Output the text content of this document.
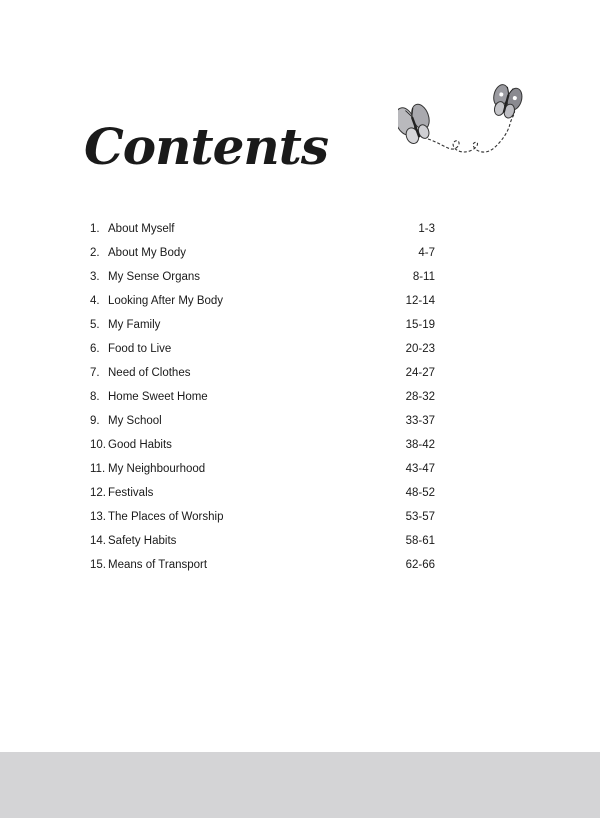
Contents
1. About Myself	1-3
2. About My Body	4-7
3. My Sense Organs	8-11
4. Looking After My Body	12-14
5. My Family	15-19
6. Food to Live	20-23
7. Need of Clothes	24-27
8. Home Sweet Home	28-32
9. My School	33-37
10. Good Habits	38-42
11. My Neighbourhood	43-47
12. Festivals	48-52
13. The Places of Worship	53-57
14. Safety Habits	58-61
15. Means of Transport	62-66
